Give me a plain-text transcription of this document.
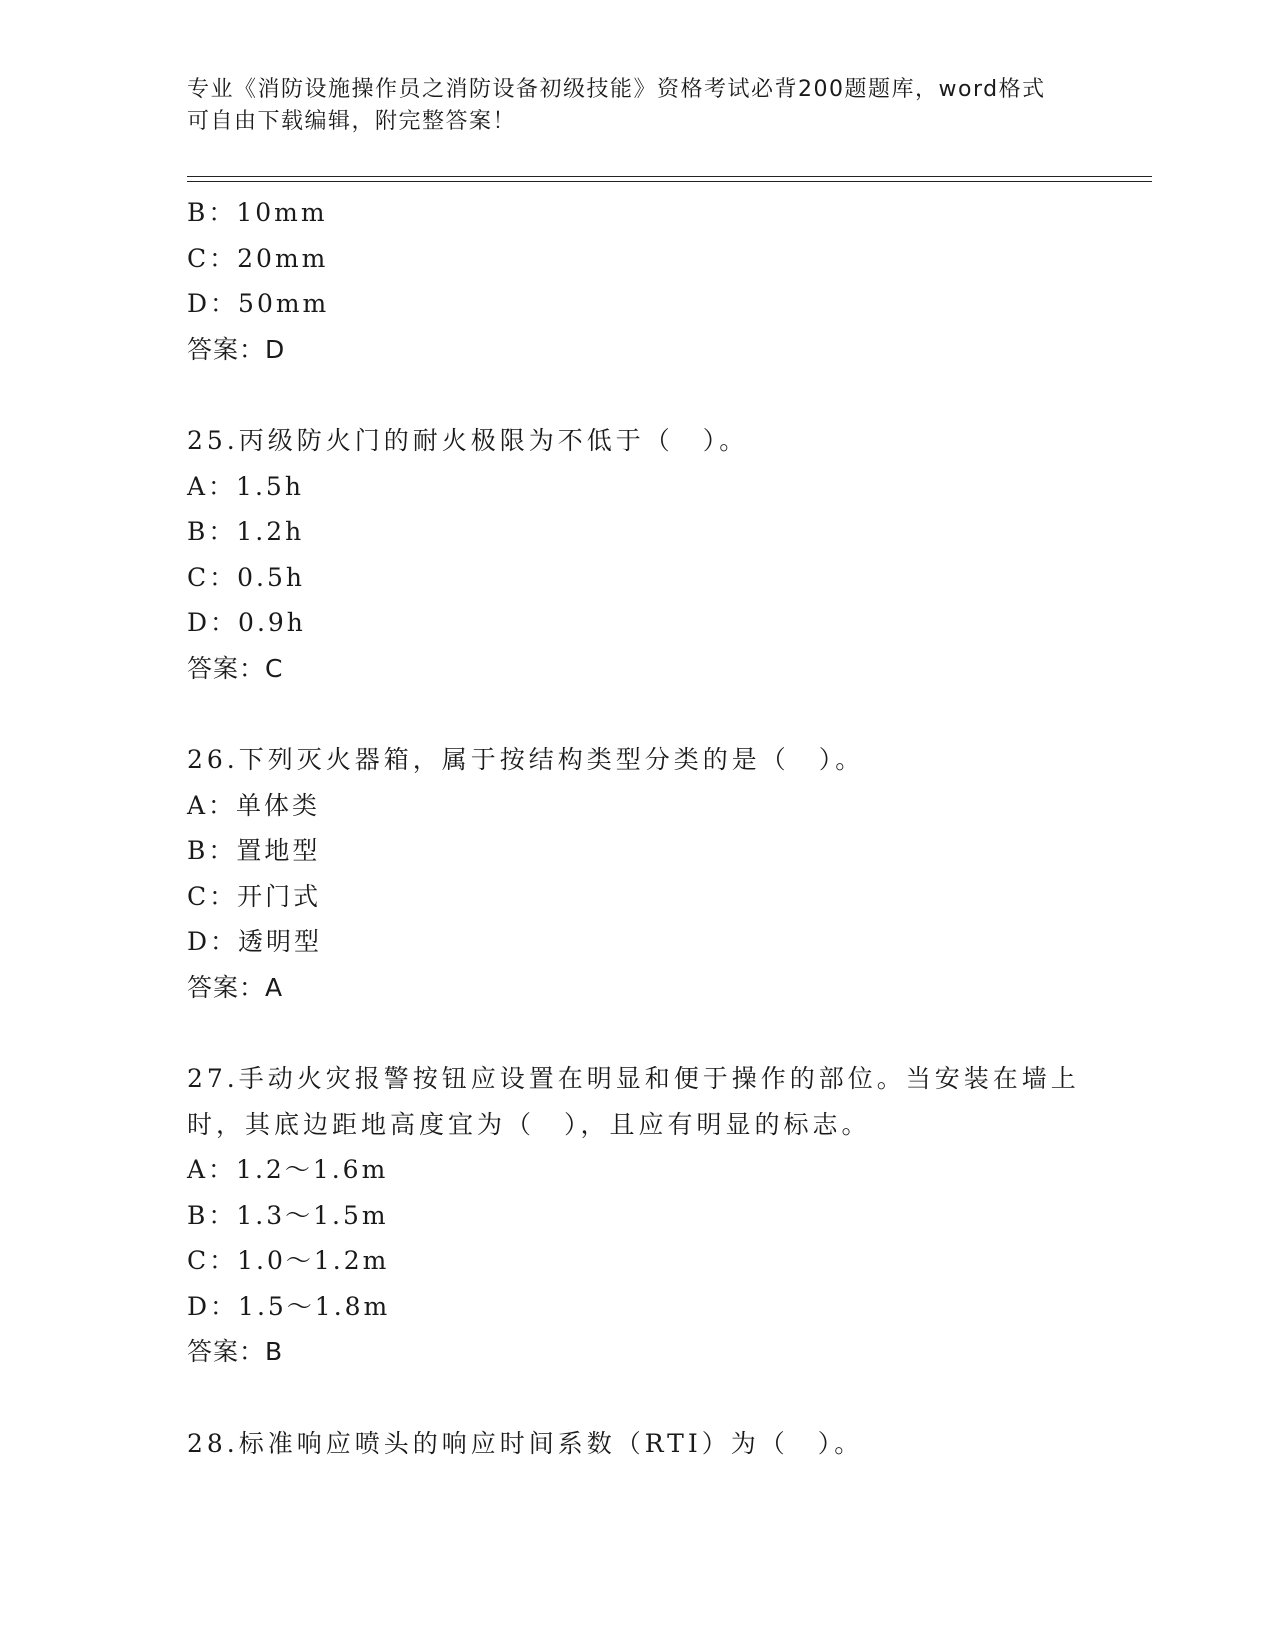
专业《消防设施操作员之消防设备初级技能》资格考试必背200题题库，word格式可自由下载编辑，附完整答案！
B：10mm
C：20mm
D：50mm
答案：D
25.丙级防火门的耐火极限为不低于（　）。
A：1.5h
B：1.2h
C：0.5h
D：0.9h
答案：C
26.下列灭火器箱，属于按结构类型分类的是（　）。
A：单体类
B：置地型
C：开门式
D：透明型
答案：A
27.手动火灾报警按钮应设置在明显和便于操作的部位。当安装在墙上时，其底边距地高度宜为（　），且应有明显的标志。
A：1.2～1.6m
B：1.3～1.5m
C：1.0～1.2m
D：1.5～1.8m
答案：B
28.标准响应喷头的响应时间系数（RTI）为（　）。
